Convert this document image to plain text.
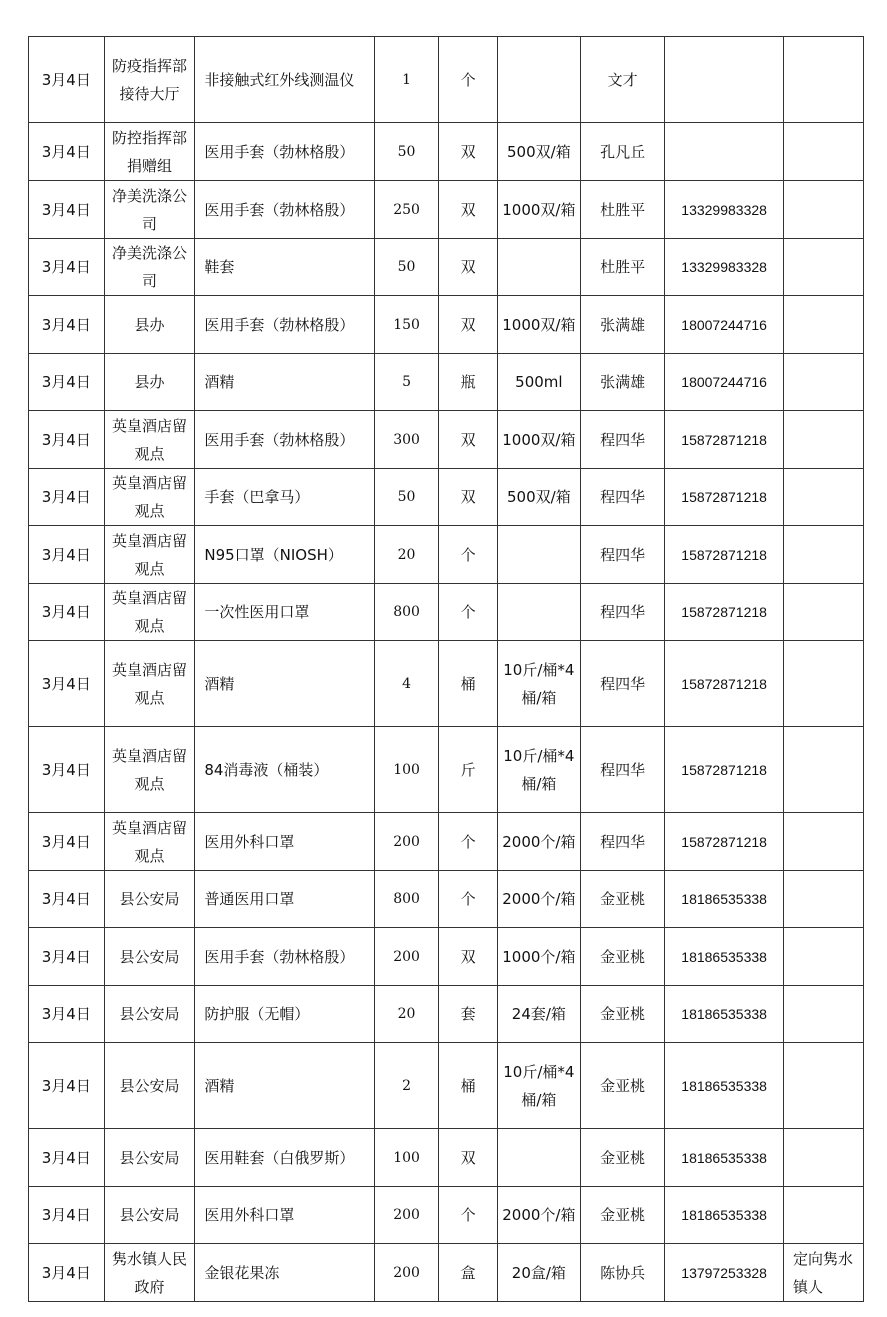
3月4日	防疫指挥部接待大厅	非接触式红外线测温仪	1	个		文才		
3月4日	防控指挥部捐赠组	医用手套（勃林格殷）	50	双	500双/箱	孔凡丘		
3月4日	净美洗涤公司	医用手套（勃林格殷）	250	双	1000双/箱	杜胜平	13329983328	
3月4日	净美洗涤公司	鞋套	50	双		杜胜平	13329983328	
3月4日	县办	医用手套（勃林格殷）	150	双	1000双/箱	张满雄	18007244716	
3月4日	县办	酒精	5	瓶	500ml	张满雄	18007244716	
3月4日	英皇酒店留观点	医用手套（勃林格殷）	300	双	1000双/箱	程四华	15872871218	
3月4日	英皇酒店留观点	手套（巴拿马）	50	双	500双/箱	程四华	15872871218	
3月4日	英皇酒店留观点	N95口罩（NIOSH）	20	个		程四华	15872871218	
3月4日	英皇酒店留观点	一次性医用口罩	800	个		程四华	15872871218	
3月4日	英皇酒店留观点	酒精	4	桶	10斤/桶*4桶/箱	程四华	15872871218	
3月4日	英皇酒店留观点	84消毒液（桶装）	100	斤	10斤/桶*4桶/箱	程四华	15872871218	
3月4日	英皇酒店留观点	医用外科口罩	200	个	2000个/箱	程四华	15872871218	
3月4日	县公安局	普通医用口罩	800	个	2000个/箱	金亚桃	18186535338	
3月4日	县公安局	医用手套（勃林格殷）	200	双	1000个/箱	金亚桃	18186535338	
3月4日	县公安局	防护服（无帽）	20	套	24套/箱	金亚桃	18186535338	
3月4日	县公安局	酒精	2	桶	10斤/桶*4桶/箱	金亚桃	18186535338	
3月4日	县公安局	医用鞋套（白俄罗斯）	100	双		金亚桃	18186535338	
3月4日	县公安局	医用外科口罩	200	个	2000个/箱	金亚桃	18186535338	
3月4日	隽水镇人民政府	金银花果冻	200	盒	20盒/箱	陈协兵	13797253328	定向隽水镇人
